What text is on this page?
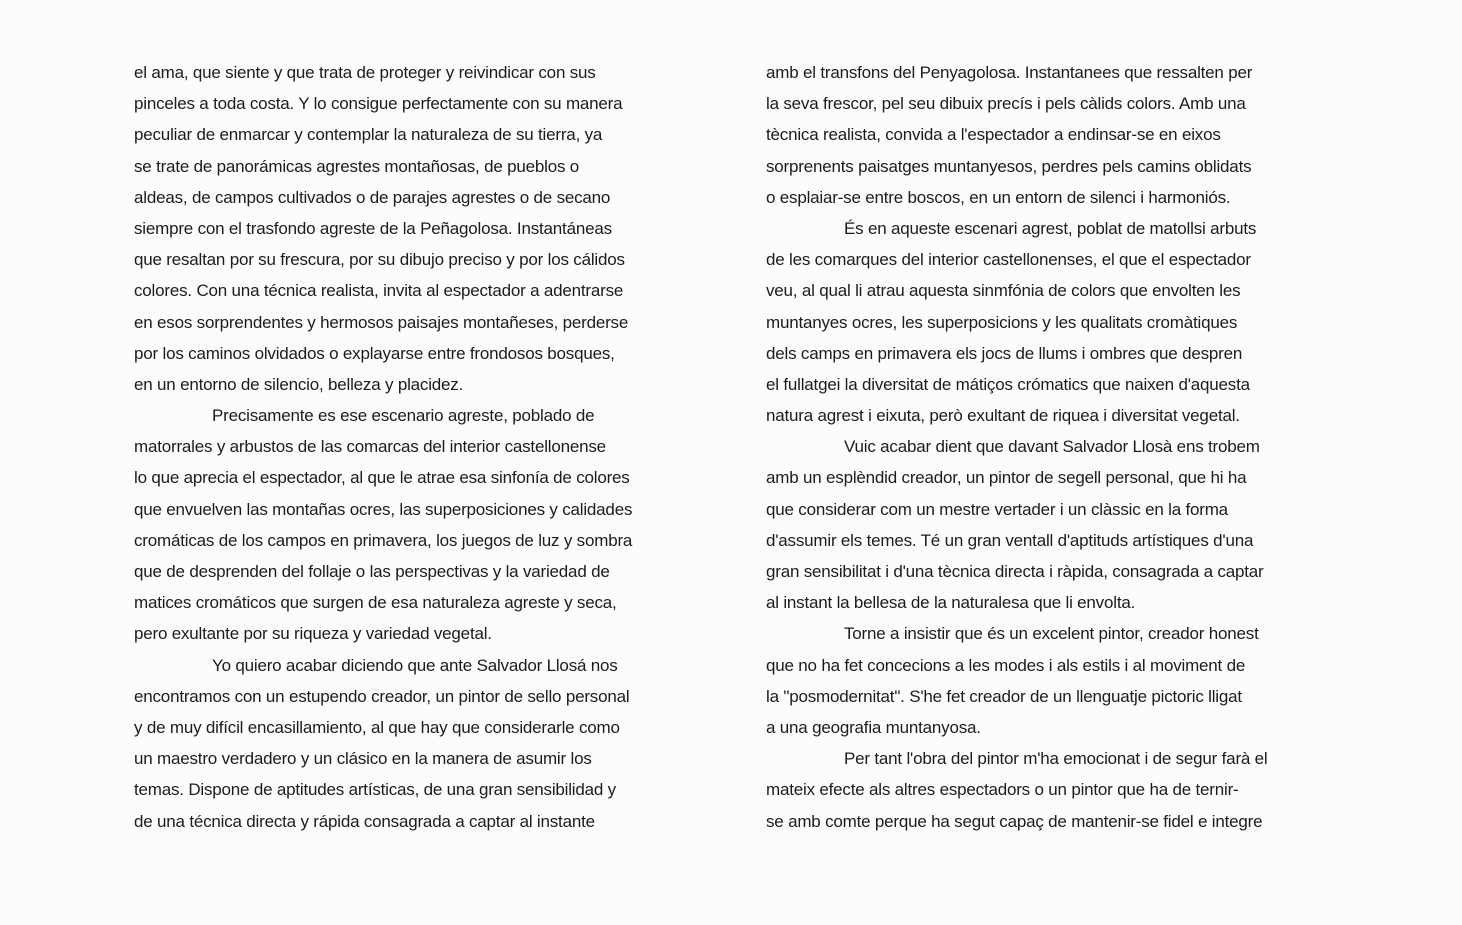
el ama, que siente y que trata de proteger y reivindicar con sus
pinceles a toda costa. Y lo consigue perfectamente con su manera
peculiar de enmarcar y contemplar la naturaleza de su tierra, ya
se trate de panorámicas agrestes montañosas, de pueblos o
aldeas, de campos cultivados o de parajes agrestes o de secano
siempre con el trasfondo agreste de la Peñagolosa. Instantáneas
que resaltan por su frescura, por su dibujo preciso y por los cálidos
colores. Con una técnica realista, invita al espectador a adentrarse
en esos sorprendentes y hermosos paisajes montañeses, perderse
por los caminos olvidados o explayarse entre frondosos bosques,
en un entorno de silencio, belleza y placidez.
Precisamente es ese escenario agreste, poblado de
matorrales y arbustos de las comarcas del interior castellonense
lo que aprecia el espectador, al que le atrae esa sinfonía de colores
que envuelven las montañas ocres, las superposiciones y calidades
cromáticas de los campos en primavera, los juegos de luz y sombra
que de desprenden del follaje o las perspectivas y la variedad de
matices cromáticos que surgen de esa naturaleza agreste y seca,
pero exultante por su riqueza y variedad vegetal.
Yo quiero acabar diciendo que ante Salvador Llosá nos
encontramos con un estupendo creador, un pintor de sello personal
y de muy difícil encasillamiento, al que hay que considerarle como
un maestro verdadero y un clásico en la manera de asumir los
temas. Dispone de aptitudes artísticas, de una gran sensibilidad y
de una técnica directa y rápida consagrada a captar al instante
amb el transfons del Penyagolosa. Instantanees que ressalten per
la seva frescor, pel seu dibuix precís i pels càlids colors. Amb una
tècnica realista, convida a l'espectador a endinsar-se en eixos
sorprenents paisatges muntanyesos, perdres pels camins oblidats
o esplaiar-se entre boscos, en un entorn de silenci i harmoniós.
És en aqueste escenari agrest, poblat de matollsi arbuts
de les comarques del interior castellonenses, el que el espectador
veu, al qual li atrau aquesta sinmfónia de colors que envolten les
muntanyes ocres, les superposicions y les qualitats cromàtiques
dels camps en primavera els jocs de llums i ombres que despren
el fullatgei la diversitat de mátiços crómatics que naixen d'aquesta
natura agrest i eixuta, però exultant de riquea i diversitat vegetal.
Vuic acabar dient que davant Salvador Llosà ens trobem
amb un esplèndid creador, un pintor de segell personal, que hi ha
que considerar com un mestre vertader i un clàssic en la forma
d'assumir els temes. Té un gran ventall d'aptituds artístiques d'una
gran sensibilitat i d'una tècnica directa i ràpida, consagrada a captar
al instant la bellesa de la naturalesa que li envolta.
Torne a insistir que és un excelent pintor, creador honest
que no ha fet concecions a les modes i als estils i al moviment de
la "posmodernitat". S'he fet creador de un llenguatje pictoric lligat
a una geografia muntanyosa.
Per tant l'obra del pintor m'ha emocionat i de segur farà el
mateix efecte als altres espectadors o un pintor que ha de ternir-
se amb comte perque ha segut capaç de mantenir-se fidel e integre
